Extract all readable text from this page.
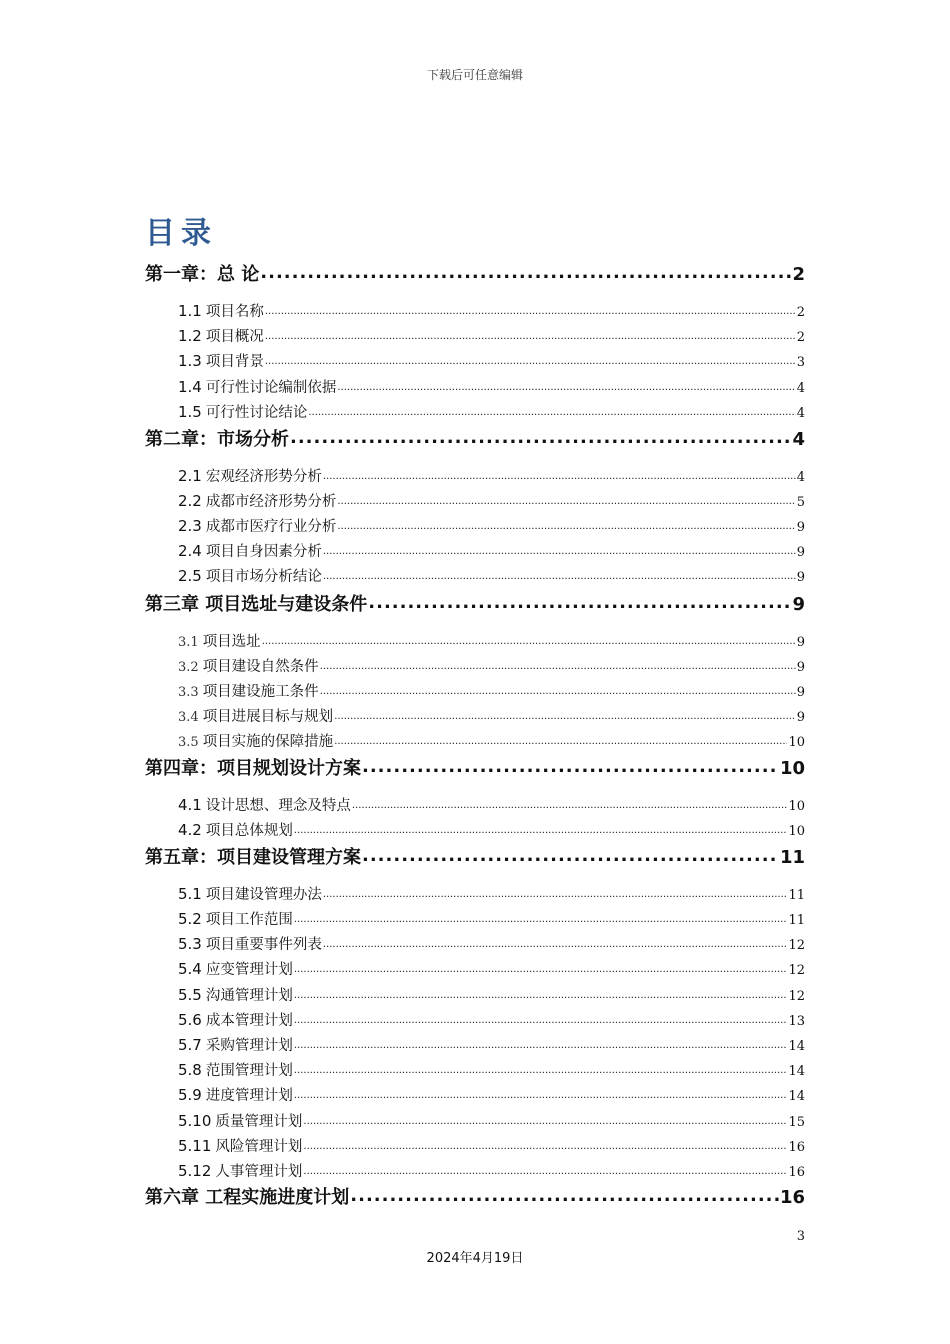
下载后可任意编辑
目录
第一章：总 论 .....	2
1.1 项目名称 .....	2
1.2 项目概况 .....	2
1.3 项目背景 .....	3
1.4 可行性讨论编制依据 .....	4
1.5 可行性讨论结论 .....	4
第二章：市场分析 .....	4
2.1 宏观经济形势分析 .....	4
2.2 成都市经济形势分析 .....	5
2.3 成都市医疗行业分析 .....	9
2.4 项目自身因素分析 .....	9
2.5 项目市场分析结论 .....	9
第三章 项目选址与建设条件 .....	9
3.1 项目选址 .....	9
3.2 项目建设自然条件 .....	9
3.3 项目建设施工条件 .....	9
3.4 项目进展目标与规划 .....	9
3.5 项目实施的保障措施 .....	10
第四章：项目规划设计方案 .....	10
4.1 设计思想、理念及特点 .....	10
4.2 项目总体规划 .....	10
第五章：项目建设管理方案 .....	11
5.1 项目建设管理办法 .....	11
5.2 项目工作范围 .....	11
5.3 项目重要事件列表 .....	12
5.4 应变管理计划 .....	12
5.5 沟通管理计划 .....	12
5.6 成本管理计划 .....	13
5.7 采购管理计划 .....	14
5.8 范围管理计划 .....	14
5.9 进度管理计划 .....	14
5.10 质量管理计划 .....	15
5.11 风险管理计划 .....	16
5.12 人事管理计划 .....	16
第六章 工程实施进度计划 .....	16
3
2024年4月19日
